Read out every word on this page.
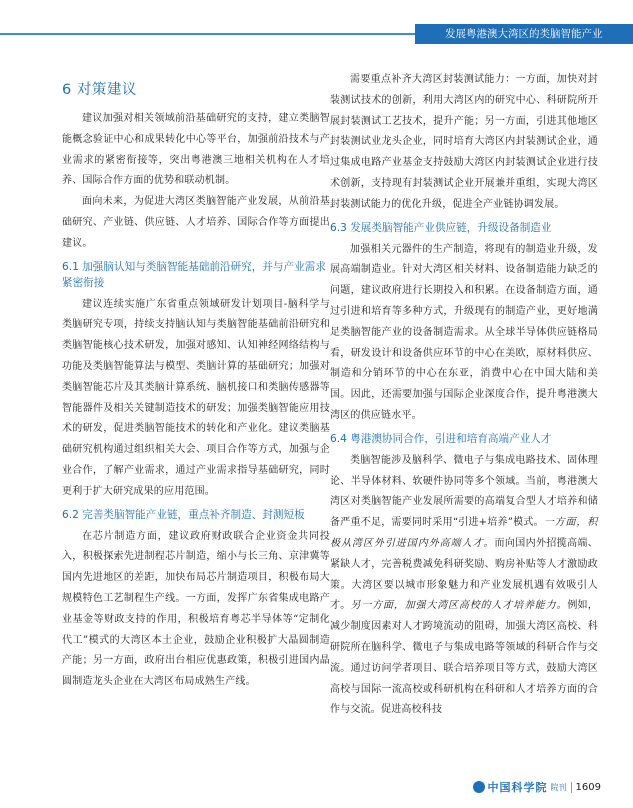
发展粤港澳大湾区的类脑智能产业
6 对策建议

建议加强对相关领域前沿基础研究的支持，建立类脑智能概念验证中心和成果转化中心等平台，加强前沿技术与产业需求的紧密衔接等，突出粤港澳三地相关机构在人才培养、国际合作方面的优势和联动机制。

面向未来，为促进大湾区类脑智能产业发展，从前沿基础研究、产业链、供应链、人才培养、国际合作等方面提出建议。

6.1 加强脑认知与类脑智能基础前沿研究，并与产业需求紧密衔接

建议连续实施广东省重点领域研发计划项目-脑科学与类脑研究专项，持续支持脑认知与类脑智能基础前沿研究和类脑智能核心技术研发，加强对感知、认知神经网络结构与功能及类脑智能算法与模型、类脑计算的基础研究；加强对类脑智能芯片及其类脑计算系统、脑机接口和类脑传感器等智能器件及相关关键制造技术的研发；加强类脑智能应用技术的研发，促进类脑智能技术的转化和产业化。建议类脑基础研究机构通过组织相关大会、项目合作等方式，加强与企业合作，了解产业需求，通过产业需求指导基础研究，同时更利于扩大研究成果的应用范围。

6.2 完善类脑智能产业链，重点补齐制造、封测短板

在芯片制造方面，建议政府财政联合企业资金共同投入，积极探索先进制程芯片制造，缩小与长三角、京津冀等国内先进地区的差距，加快布局芯片制造项目，积极布局大规模特色工艺制程生产线。一方面，发挥广东省集成电路产业基金等财政支持的作用，积极培育粤芯半导体等“定制化代工”模式的大湾区本土企业，鼓励企业积极扩大晶圆制造产能；另一方面，政府出台相应优惠政策，积极引进国内晶圆制造龙头企业在大湾区布局成熟生产线。

需要重点补齐大湾区封装测试能力：一方面，加快对封装测试技术的创新，利用大湾区内的研究中心、科研院所开展封装测试工艺技术，提升产能；另一方面，引进其他地区封装测试业龙头企业，同时培育大湾区内封装测试企业，通过集成电路产业基金支持鼓励大湾区内封装测试企业进行技术创新，支持现有封装测试企业开展兼并重组，实现大湾区封装测试能力的优化升级，促进全产业链协调发展。

6.3 发展类脑智能产业供应链，升级设备制造业

加强相关元器件的生产制造，将现有的制造业升级，发展高端制造业。针对大湾区相关材料、设备制造能力缺乏的问题，建议政府进行长期投入和积累。在设备制造方面，通过引进和培育等多种方式，升级现有的制造产业，更好地满足类脑智能产业的设备制造需求。从全球半导体供应链格局看，研发设计和设备供应环节的中心在美欧，原材料供应、制造和分销环节的中心在东亚，消费中心在中国大陆和美国。因此，还需要加强与国际企业深度合作，提升粤港澳大湾区的供应链水平。

6.4 粤港澳协同合作，引进和培育高端产业人才

类脑智能涉及脑科学、微电子与集成电路技术、固体理论、半导体材料、软硬件协同等多个领域。当前，粤港澳大湾区对类脑智能产业发展所需要的高端复合型人才培养和储备严重不足，需要同时采用“引进+培养”模式。一方面，积极从湾区外引进国内外高端人才。而向国内外招揽高端、紧缺人才，完善税费减免科研奖励、购房补贴等人才激励政策。大湾区要以城市形象魅力和产业发展机遇有效吸引人才。另一方面，加强大湾区高校的人才培养能力。例如，减少制度因素对人才跨境流动的阻碍，加强大湾区高校、科研院所在脑科学、微电子与集成电路等领域的科研合作与交流。通过访问学者项目、联合培养项目等方式，鼓励大湾区高校与国际一流高校或科研机构在科研和人才培养方面的合作与交流。促进高校科技

中国科学院 院刊 1609
